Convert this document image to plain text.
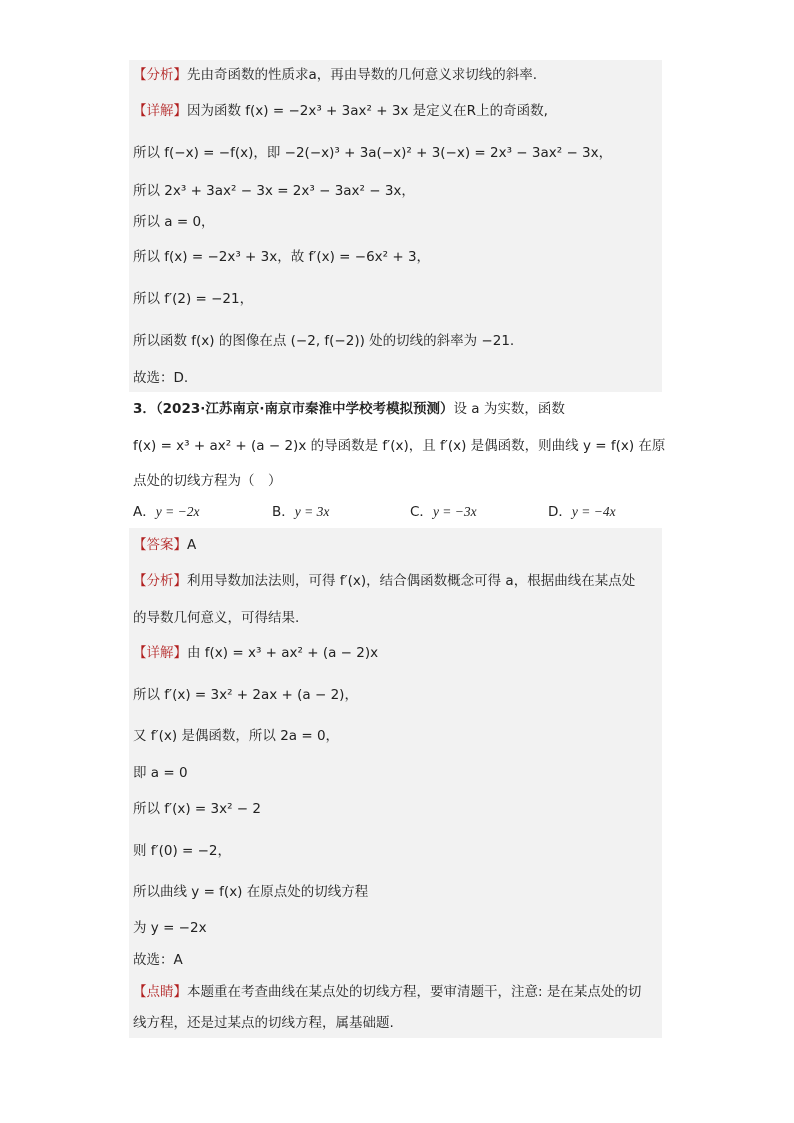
【分析】先由奇函数的性质求a，再由导数的几何意义求切线的斜率.
【详解】因为函数 f(x) = −2x³ + 3ax² + 3x 是定义在R上的奇函数,
所以 f(−x) = −f(x)，即 −2(−x)³ + 3a(−x)² + 3(−x) = 2x³ − 3ax² − 3x，
所以 2x³ + 3ax² − 3x = 2x³ − 3ax² − 3x，
所以 a = 0，
所以 f(x) = −2x³ + 3x，故 f′(x) = −6x² + 3，
所以 f′(2) = −21，
所以函数 f(x) 的图像在点 (−2, f(−2)) 处的切线的斜率为 −21.
故选：D.
3．（2023·江苏南京·南京市秦淮中学校考模拟预测）设 a 为实数，函数
f(x) = x³ + ax² + (a − 2)x 的导函数是 f′(x)，且 f′(x) 是偶函数，则曲线 y = f(x) 在原
点处的切线方程为（　）
A．y = −2x	B．y = 3x	C．y = −3x	D．y = −4x
【答案】A
【分析】利用导数加法法则，可得 f′(x)，结合偶函数概念可得 a，根据曲线在某点处
的导数几何意义，可得结果.
【详解】由 f(x) = x³ + ax² + (a − 2)x
所以 f′(x) = 3x² + 2ax + (a − 2)，
又 f′(x) 是偶函数，所以 2a = 0，
即 a = 0
所以 f′(x) = 3x² − 2
则 f′(0) = −2，
所以曲线 y = f(x) 在原点处的切线方程
为 y = −2x
故选：A
【点睛】本题重在考查曲线在某点处的切线方程，要审清题干，注意: 是在某点处的切
线方程，还是过某点的切线方程，属基础题.
